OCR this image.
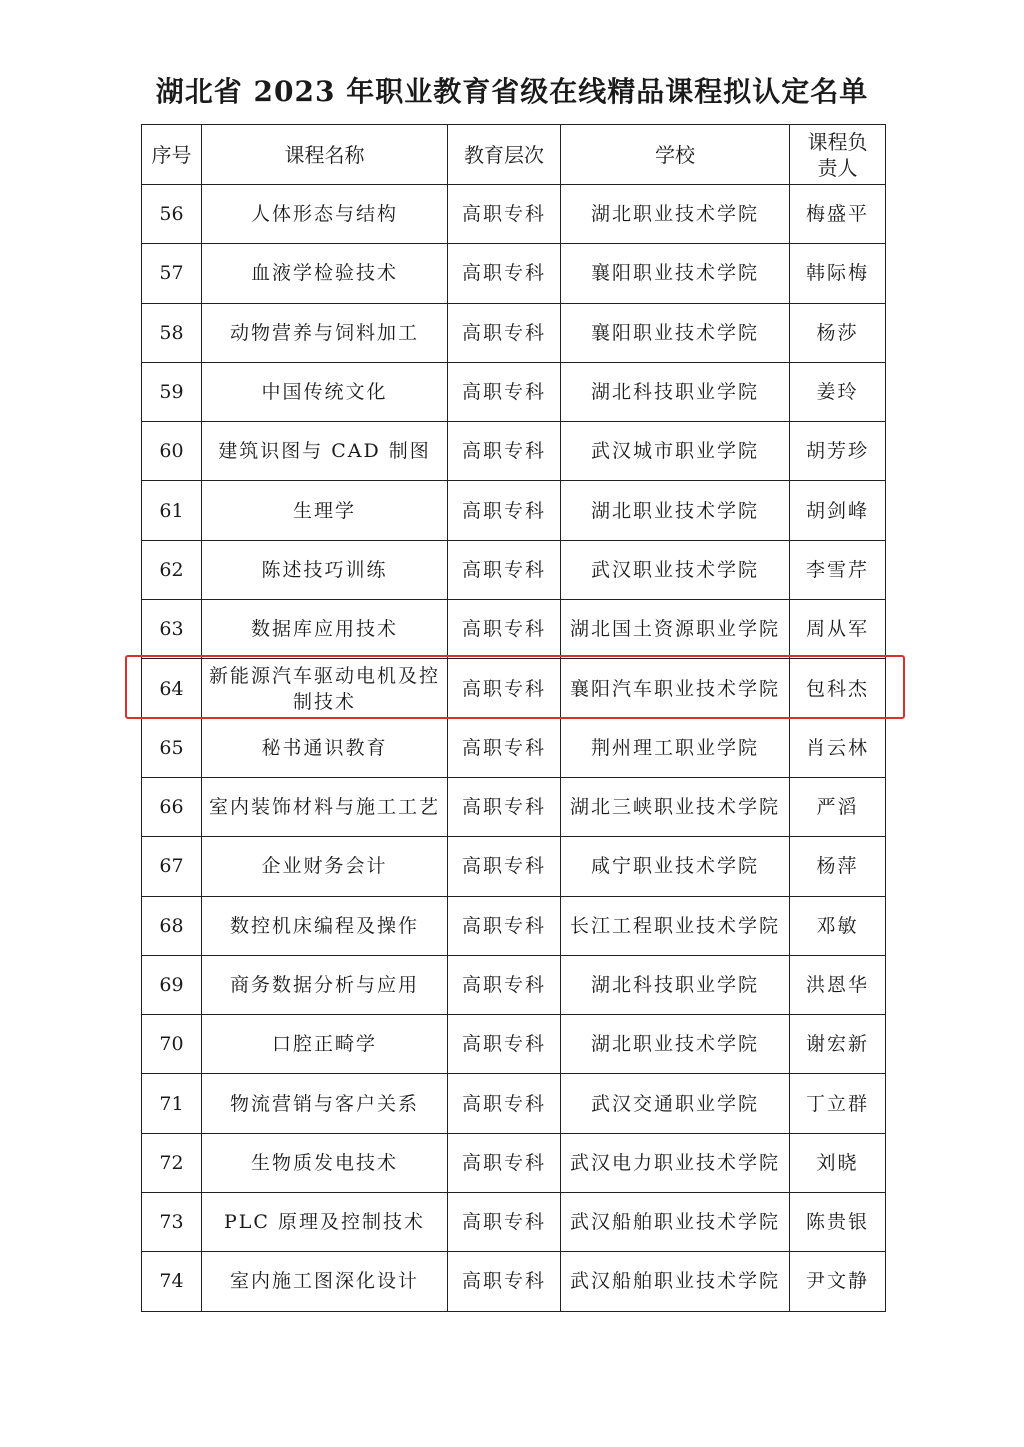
湖北省 2023 年职业教育省级在线精品课程拟认定名单
序号	课程名称	教育层次	学校	课程负责人
56	人体形态与结构	高职专科	湖北职业技术学院	梅盛平
57	血液学检验技术	高职专科	襄阳职业技术学院	韩际梅
58	动物营养与饲料加工	高职专科	襄阳职业技术学院	杨莎
59	中国传统文化	高职专科	湖北科技职业学院	姜玲
60	建筑识图与 CAD 制图	高职专科	武汉城市职业学院	胡芳珍
61	生理学	高职专科	湖北职业技术学院	胡剑峰
62	陈述技巧训练	高职专科	武汉职业技术学院	李雪芹
63	数据库应用技术	高职专科	湖北国土资源职业学院	周从军
64	新能源汽车驱动电机及控制技术	高职专科	襄阳汽车职业技术学院	包科杰
65	秘书通识教育	高职专科	荆州理工职业学院	肖云林
66	室内装饰材料与施工工艺	高职专科	湖北三峡职业技术学院	严滔
67	企业财务会计	高职专科	咸宁职业技术学院	杨萍
68	数控机床编程及操作	高职专科	长江工程职业技术学院	邓敏
69	商务数据分析与应用	高职专科	湖北科技职业学院	洪恩华
70	口腔正畸学	高职专科	湖北职业技术学院	谢宏新
71	物流营销与客户关系	高职专科	武汉交通职业学院	丁立群
72	生物质发电技术	高职专科	武汉电力职业技术学院	刘晓
73	PLC 原理及控制技术	高职专科	武汉船舶职业技术学院	陈贵银
74	室内施工图深化设计	高职专科	武汉船舶职业技术学院	尹文静
